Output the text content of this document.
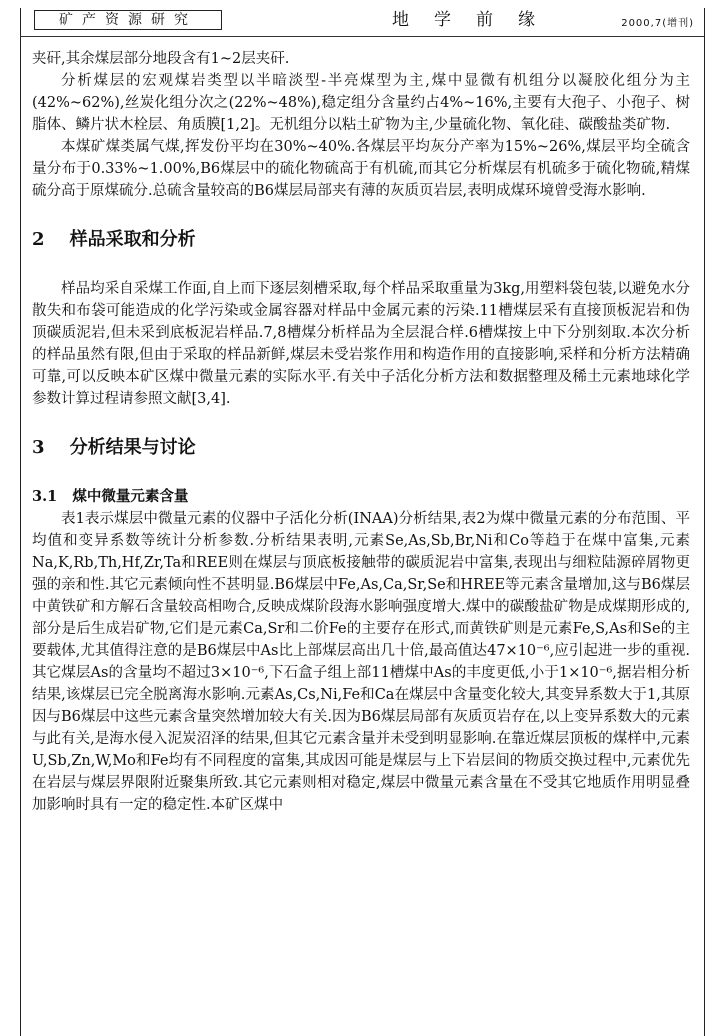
矿产资源研究	地学前缘	2000,7(增刊)

夹矸,其余煤层部分地段含有1~2层夹矸.

分析煤层的宏观煤岩类型以半暗淡型-半亮煤型为主,煤中显微有机组分以凝胶化组分为主(42%~62%),丝炭化组分次之(22%~48%),稳定组分含量约占4%~16%,主要有大孢子、小孢子、树脂体、鳞片状木栓层、角质膜[1,2]。无机组分以粘土矿物为主,少量硫化物、氧化硅、碳酸盐类矿物.

本煤矿煤类属气煤,挥发份平均在30%~40%.各煤层平均灰分产率为15%~26%,煤层平均全硫含量分布于0.33%~1.00%,B6煤层中的硫化物硫高于有机硫,而其它分析煤层有机硫多于硫化物硫,精煤硫分高于原煤硫分.总硫含量较高的B6煤层局部夹有薄的灰质页岩层,表明成煤环境曾受海水影响.

2 样品采取和分析

样品均采自采煤工作面,自上而下逐层刻槽采取,每个样品采取重量为3kg,用塑料袋包装,以避免水分散失和布袋可能造成的化学污染或金属容器对样品中金属元素的污染.11槽煤层采有直接顶板泥岩和伪顶碳质泥岩,但未采到底板泥岩样品.7,8槽煤分析样品为全层混合样.6槽煤按上中下分别刻取.本次分析的样品虽然有限,但由于采取的样品新鲜,煤层未受岩浆作用和构造作用的直接影响,采样和分析方法精确可靠,可以反映本矿区煤中微量元素的实际水平.有关中子活化分析方法和数据整理及稀土元素地球化学参数计算过程请参照文献[3,4].

3 分析结果与讨论
3.1 煤中微量元素含量

表1表示煤层中微量元素的仪器中子活化分析(INAA)分析结果,表2为煤中微量元素的分布范围、平均值和变异系数等统计分析参数.分析结果表明,元素Se,As,Sb,Br,Ni和Co等趋于在煤中富集,元素Na,K,Rb,Th,Hf,Zr,Ta和REE则在煤层与顶底板接触带的碳质泥岩中富集,表现出与细粒陆源碎屑物更强的亲和性.其它元素倾向性不甚明显.B6煤层中Fe,As,Ca,Sr,Se和HREE等元素含量增加,这与B6煤层中黄铁矿和方解石含量较高相吻合,反映成煤阶段海水影响强度增大.煤中的碳酸盐矿物是成煤期形成的,部分是后生成岩矿物,它们是元素Ca,Sr和二价Fe的主要存在形式,而黄铁矿则是元素Fe,S,As和Se的主要载体,尤其值得注意的是B6煤层中As比上部煤层高出几十倍,最高值达47×10⁻⁶,应引起进一步的重视.其它煤层As的含量均不超过3×10⁻⁶,下石盒子组上部11槽煤中As的丰度更低,小于1×10⁻⁶,据岩相分析结果,该煤层已完全脱离海水影响.元素As,Cs,Ni,Fe和Ca在煤层中含量变化较大,其变异系数大于1,其原因与B6煤层中这些元素含量突然增加较大有关.因为B6煤层局部有灰质页岩存在,以上变异系数大的元素与此有关,是海水侵入泥炭沼泽的结果,但其它元素含量并未受到明显影响.在靠近煤层顶板的煤样中,元素U,Sb,Zn,W,Mo和Fe均有不同程度的富集,其成因可能是煤层与上下岩层间的物质交换过程中,元素优先在岩层与煤层界限附近聚集所致.其它元素则相对稳定,煤层中微量元素含量在不受其它地质作用明显叠加影响时具有一定的稳定性.本矿区煤中
